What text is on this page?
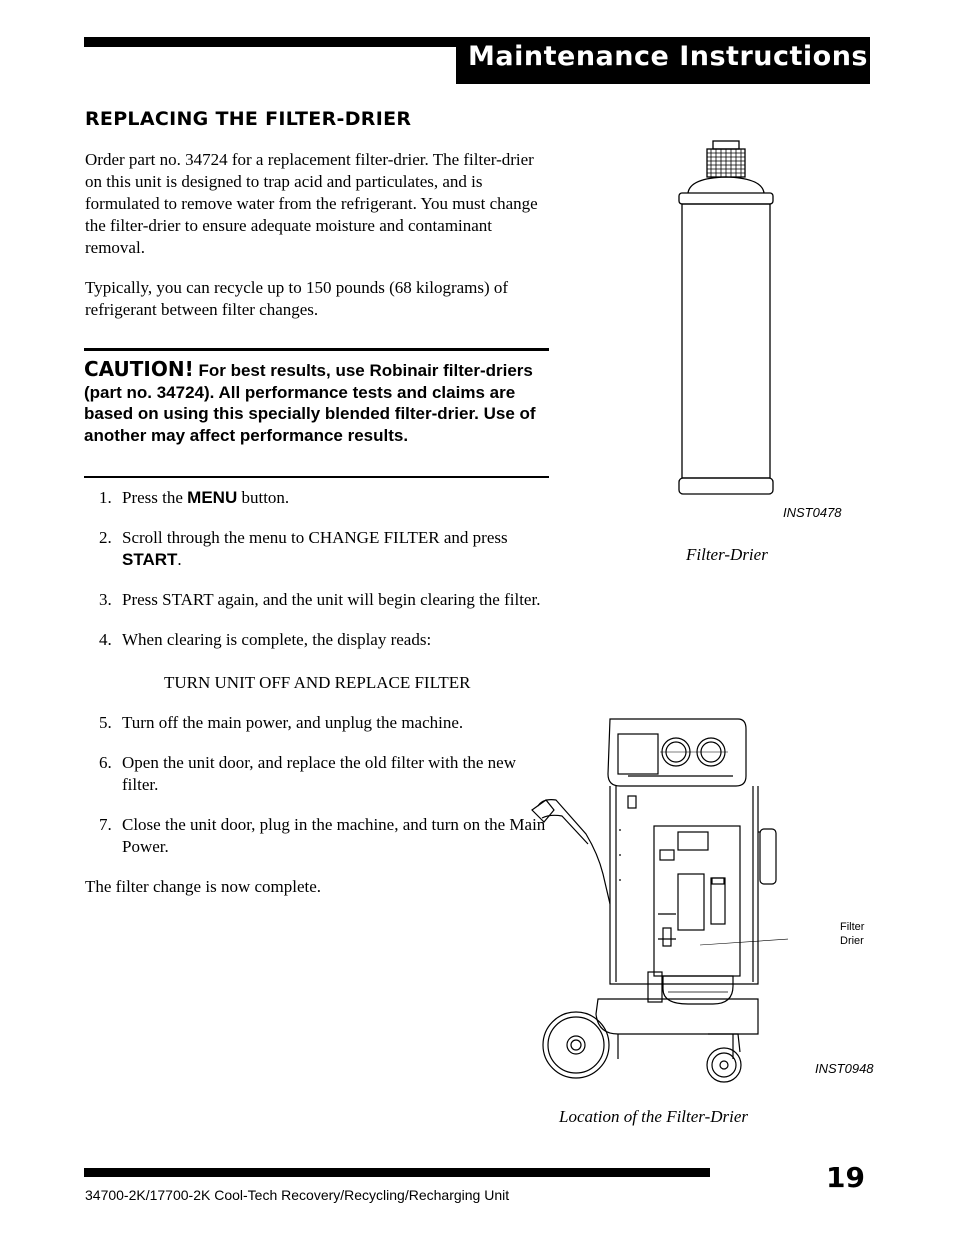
Maintenance Instructions
REPLACING THE FILTER-DRIER
Order part no. 34724 for a replacement filter-drier. The filter-drier on this unit is designed to trap acid and particulates, and is formulated to remove water from the refrigerant. You must change the filter-drier to ensure adequate moisture and contaminant removal.
Typically, you can recycle up to 150 pounds (68 kilograms) of refrigerant between filter changes.
CAUTION! For best results, use Robinair filter-driers (part no. 34724). All performance tests and claims are based on using this specially blended filter-drier. Use of another may affect performance results.
1. Press the MENU button.
2. Scroll through the menu to CHANGE FILTER and press START.
3. Press START again, and the unit will begin clearing the filter.
4. When clearing is complete, the display reads:
TURN UNIT OFF AND REPLACE FILTER
5. Turn off the main power, and unplug the machine.
6. Open the unit door, and replace the old filter with the new filter.
7. Close the unit door, plug in the machine, and turn on the Main Power.
The filter change is now complete.
INST0478
Filter-Drier
Filter
Drier
INST0948
Location of the Filter-Drier
19
34700-2K/17700-2K Cool-Tech Recovery/Recycling/Recharging Unit
